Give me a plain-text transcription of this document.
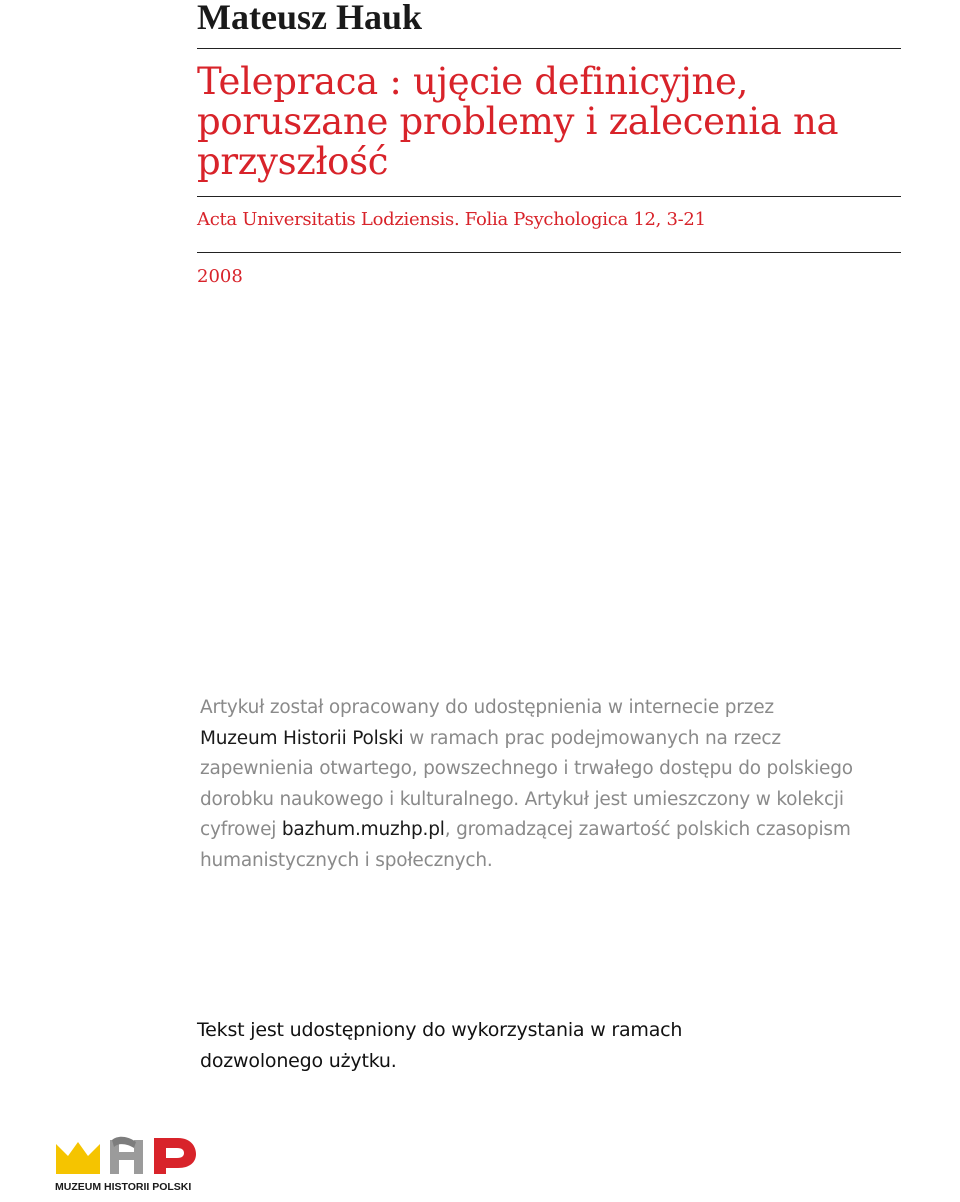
Mateusz Hauk
Telepraca : ujęcie definicyjne, poruszane problemy i zalecenia na przyszłość
Acta Universitatis Lodziensis. Folia Psychologica 12, 3-21
2008
Artykuł został opracowany do udostępnienia w internecie przez
Muzeum Historii Polski w ramach prac podejmowanych na rzecz zapewnienia otwartego, powszechnego i trwałego dostępu do polskiego dorobku naukowego i kulturalnego. Artykuł jest umieszczony w kolekcji cyfrowej bazhum.muzhp.pl, gromadzącej zawartość polskich czasopism humanistycznych i społecznych.
Tekst jest udostępniony do wykorzystania w ramach
dozwolonego użytku.
MUZEUM HISTORII POLSKI
